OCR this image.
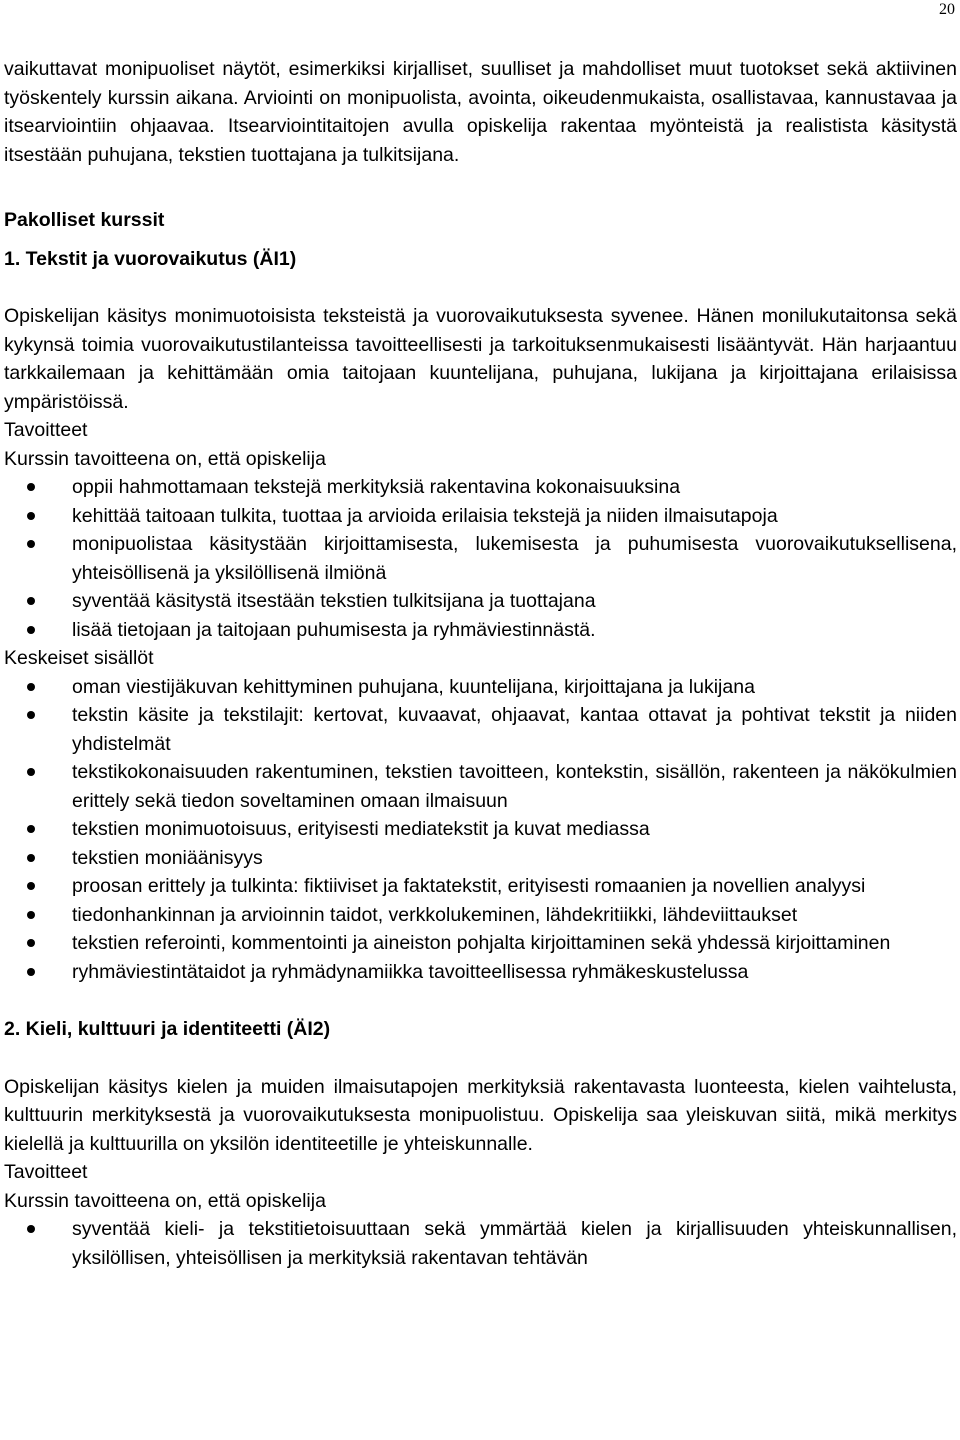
20

vaikuttavat monipuoliset näytöt, esimerkiksi kirjalliset, suulliset ja mahdolliset muut tuotokset sekä aktiivinen työskentely kurssin aikana. Arviointi on monipuolista, avointa, oikeudenmukaista, osallistavaa, kannustavaa ja itsearviointiin ohjaavaa. Itsearviointitaitojen avulla opiskelija rakentaa myönteistä ja realistista käsitystä itsestään puhujana, tekstien tuottajana ja tulkitsijana.

Pakolliset kurssit

1. Tekstit ja vuorovaikutus (ÄI1)

Opiskelijan käsitys monimuotoisista teksteistä ja vuorovaikutuksesta syvenee. Hänen monilukutaitonsa sekä kykynsä toimia vuorovaikutustilanteissa tavoitteellisesti ja tarkoituksenmukaisesti lisääntyvät. Hän harjaantuu tarkkailemaan ja kehittämään omia taitojaan kuuntelijana, puhujana, lukijana ja kirjoittajana erilaisissa ympäristöissä.

Tavoitteet

Kurssin tavoitteena on, että opiskelija

oppii hahmottamaan tekstejä merkityksiä rakentavina kokonaisuuksina
kehittää taitoaan tulkita, tuottaa ja arvioida erilaisia tekstejä ja niiden ilmaisutapoja
monipuolistaa käsitystään kirjoittamisesta, lukemisesta ja puhumisesta vuorovaikutuksellisena, yhteisöllisenä ja yksilöllisenä ilmiönä
syventää käsitystä itsestään tekstien tulkitsijana ja tuottajana
lisää tietojaan ja taitojaan puhumisesta ja ryhmäviestinnästä.

Keskeiset sisällöt

oman viestijäkuvan kehittyminen puhujana, kuuntelijana, kirjoittajana ja lukijana
tekstin käsite ja tekstilajit: kertovat, kuvaavat, ohjaavat, kantaa ottavat ja pohtivat tekstit ja niiden yhdistelmät
tekstikokonaisuuden rakentuminen, tekstien tavoitteen, kontekstin, sisällön, rakenteen ja näkökulmien erittely sekä tiedon soveltaminen omaan ilmaisuun
tekstien monimuotoisuus, erityisesti mediatekstit ja kuvat mediassa
tekstien moniäänisyys
proosan erittely ja tulkinta: fiktiiviset ja faktatekstit, erityisesti romaanien ja novellien analyysi
tiedonhankinnan ja arvioinnin taidot, verkkolukeminen, lähdekritiikki, lähdeviittaukset
tekstien referointi, kommentointi ja aineiston pohjalta kirjoittaminen sekä yhdessä kirjoittaminen
ryhmäviestintätaidot ja ryhmädynamiikka tavoitteellisessa ryhmäkeskustelussa

2. Kieli, kulttuuri ja identiteetti (ÄI2)

Opiskelijan käsitys kielen ja muiden ilmaisutapojen merkityksiä rakentavasta luonteesta, kielen vaihtelusta, kulttuurin merkityksestä ja vuorovaikutuksesta monipuolistuu. Opiskelija saa yleiskuvan siitä, mikä merkitys kielellä ja kulttuurilla on yksilön identiteetille je yhteiskunnalle.

Tavoitteet

Kurssin tavoitteena on, että opiskelija

syventää kieli- ja tekstitietoisuuttaan sekä ymmärtää kielen ja kirjallisuuden yhteiskunnallisen, yksilöllisen, yhteisöllisen ja merkityksiä rakentavan tehtävän
